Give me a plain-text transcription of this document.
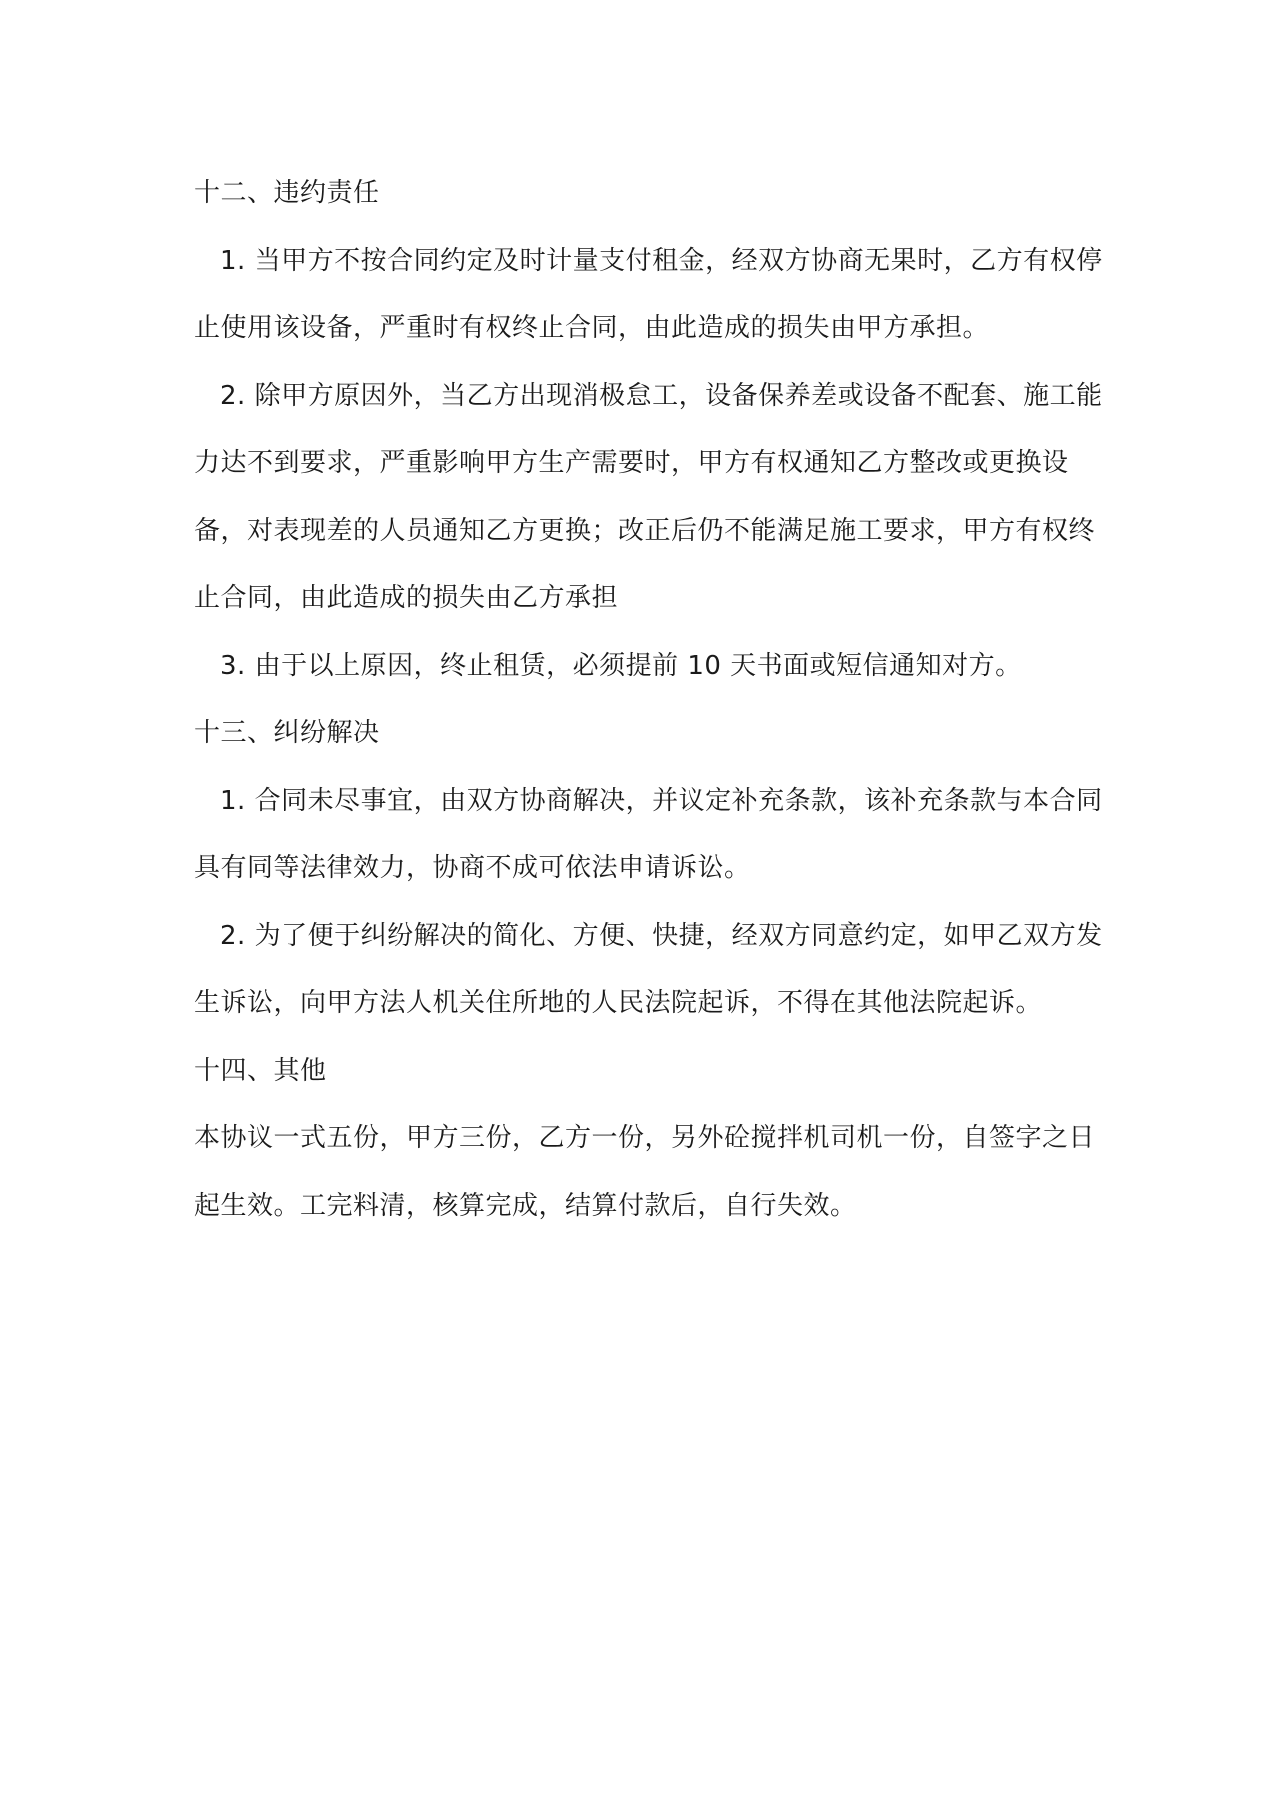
十二、违约责任
1. 当甲方不按合同约定及时计量支付租金，经双方协商无果时，乙方有权停
止使用该设备，严重时有权终止合同，由此造成的损失由甲方承担。
2. 除甲方原因外，当乙方出现消极怠工，设备保养差或设备不配套、施工能
力达不到要求，严重影响甲方生产需要时，甲方有权通知乙方整改或更换设
备，对表现差的人员通知乙方更换；改正后仍不能满足施工要求，甲方有权终
止合同，由此造成的损失由乙方承担
3. 由于以上原因，终止租赁，必须提前 10 天书面或短信通知对方。
十三、纠纷解决
1. 合同未尽事宜，由双方协商解决，并议定补充条款，该补充条款与本合同
具有同等法律效力，协商不成可依法申请诉讼。
2. 为了便于纠纷解决的简化、方便、快捷，经双方同意约定，如甲乙双方发
生诉讼，向甲方法人机关住所地的人民法院起诉，不得在其他法院起诉。
十四、其他
本协议一式五份，甲方三份，乙方一份，另外砼搅拌机司机一份，自签字之日
起生效。工完料清，核算完成，结算付款后，自行失效。
